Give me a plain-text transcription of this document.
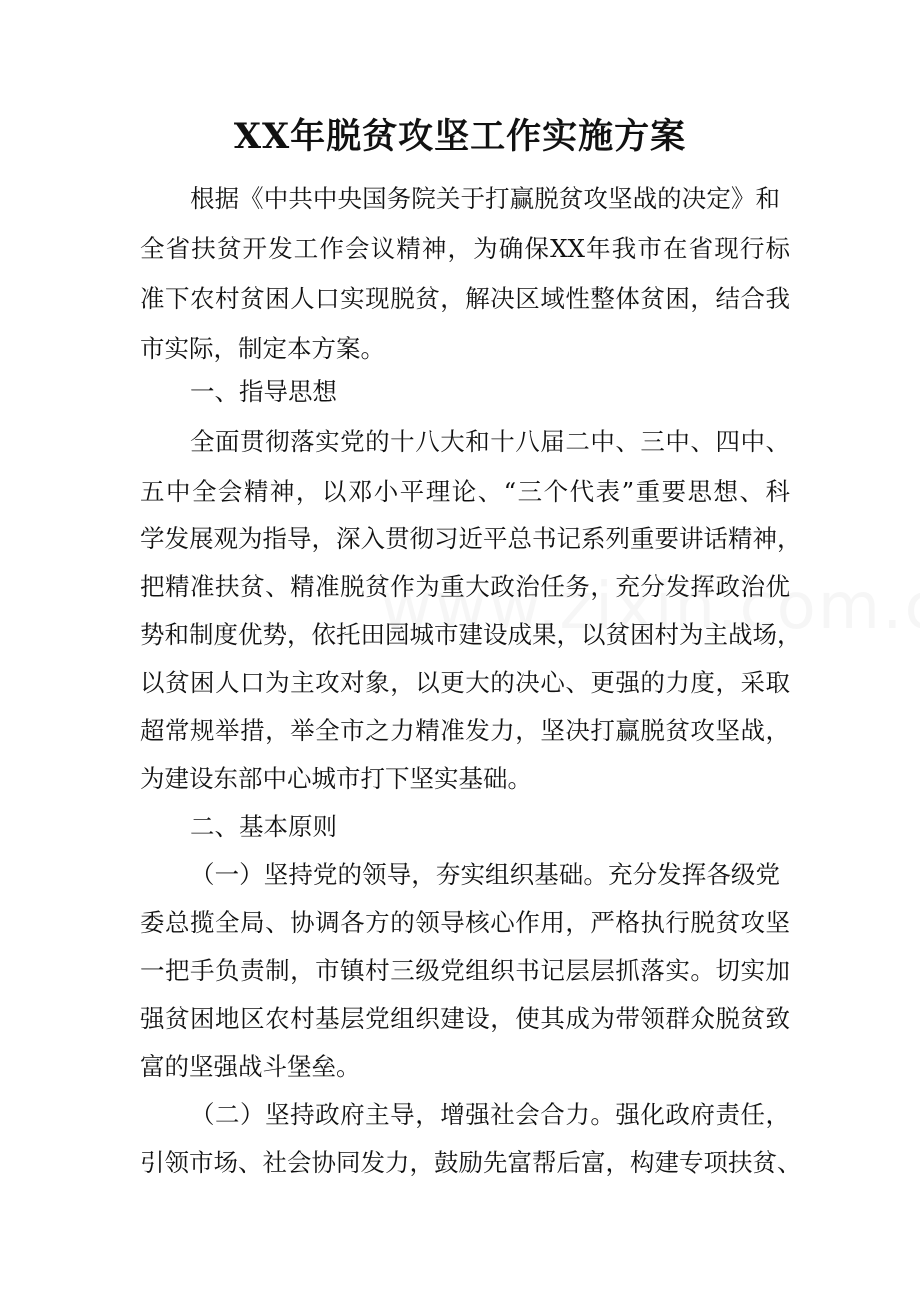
XX年脱贫攻坚工作实施方案

根据《中共中央国务院关于打赢脱贫攻坚战的决定》和

全省扶贫开发工作会议精神，为确保XX年我市在省现行标

准下农村贫困人口实现脱贫，解决区域性整体贫困，结合我

市实际，制定本方案。

一、指导思想

全面贯彻落实党的十八大和十八届二中、三中、四中、

五中全会精神，以邓小平理论、“三个代表”重要思想、科

学发展观为指导，深入贯彻习近平总书记系列重要讲话精神，

把精准扶贫、精准脱贫作为重大政治任务，充分发挥政治优

势和制度优势，依托田园城市建设成果，以贫困村为主战场，

以贫困人口为主攻对象，以更大的决心、更强的力度，采取

超常规举措，举全市之力精准发力，坚决打赢脱贫攻坚战，

为建设东部中心城市打下坚实基础。

二、基本原则

（一）坚持党的领导，夯实组织基础。充分发挥各级党

委总揽全局、协调各方的领导核心作用，严格执行脱贫攻坚

一把手负责制，市镇村三级党组织书记层层抓落实。切实加

强贫困地区农村基层党组织建设，使其成为带领群众脱贫致

富的坚强战斗堡垒。

（二）坚持政府主导，增强社会合力。强化政府责任，

引领市场、社会协同发力，鼓励先富帮后富，构建专项扶贫、
